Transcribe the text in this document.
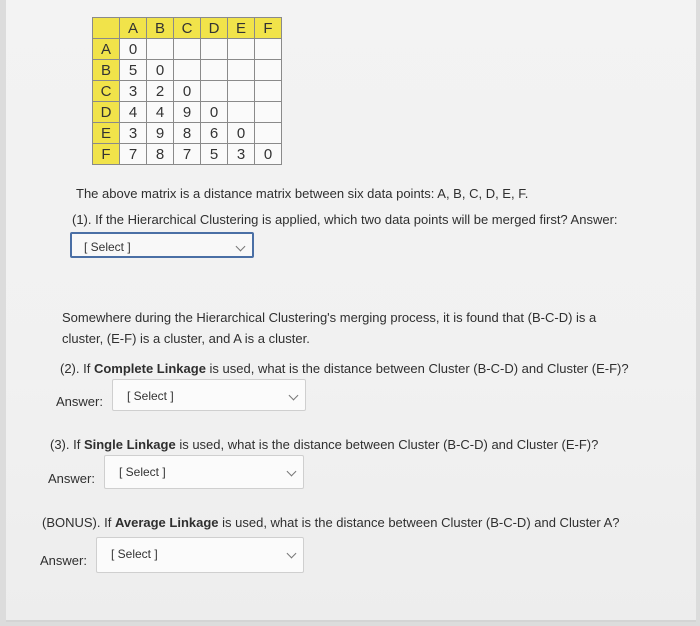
	A	B	C	D	E	F
A	0					
B	5	0				
C	3	2	0			
D	4	4	9	0		
E	3	9	8	6	0	
F	7	8	7	5	3	0
The above matrix is a distance matrix between six data points: A, B, C, D, E, F.
(1). If the Hierarchical Clustering is applied, which two data points will be merged first? Answer:
[ Select ]
Somewhere during the Hierarchical Clustering's merging process, it is found that (B-C-D) is a
cluster, (E-F) is a cluster, and A is a cluster.
(2). If Complete Linkage is used, what is the distance between Cluster (B-C-D) and Cluster (E-F)?
Answer: [ Select ]
(3). If Single Linkage is used, what is the distance between Cluster (B-C-D) and Cluster (E-F)?
Answer: [ Select ]
(BONUS). If Average Linkage is used, what is the distance between Cluster (B-C-D) and Cluster A?
Answer: [ Select ]
